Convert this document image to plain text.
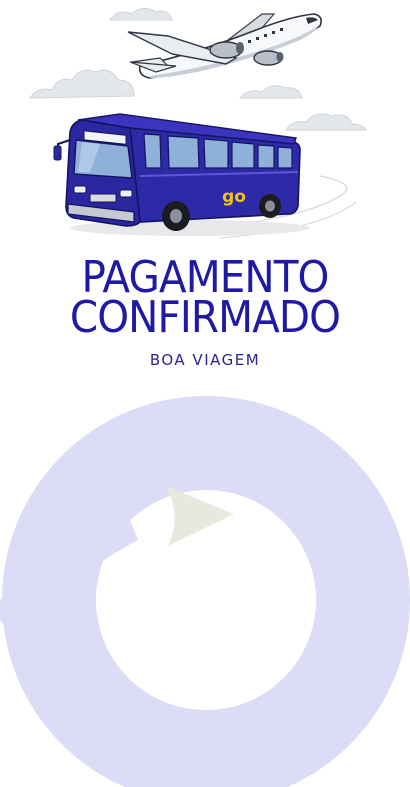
go
PAGAMENTO
CONFIRMADO
BOA VIAGEM
